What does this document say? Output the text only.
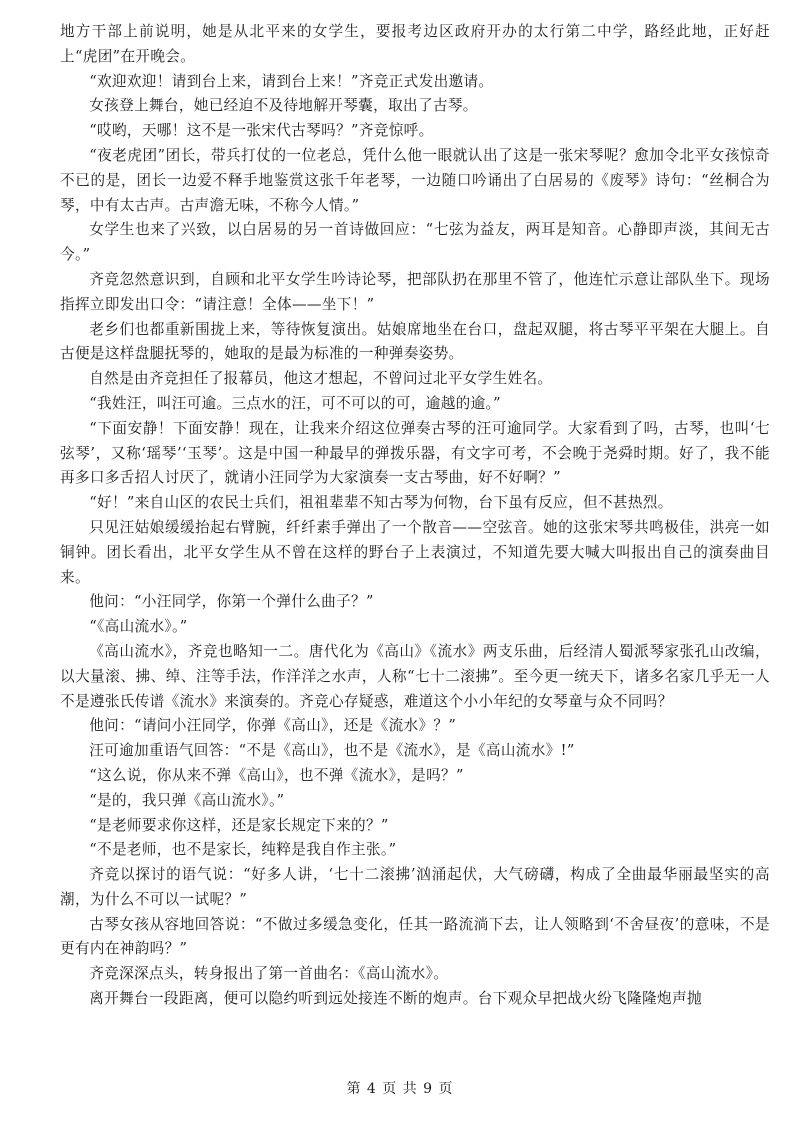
地方干部上前说明，她是从北平来的女学生，要报考边区政府开办的太行第二中学，路经此地，正好赶上“虎团”在开晚会。

“欢迎欢迎！请到台上来，请到台上来！”齐竞正式发出邀请。

女孩登上舞台，她已经迫不及待地解开琴囊，取出了古琴。

“哎哟，天哪！这不是一张宋代古琴吗？”齐竞惊呼。

“夜老虎团”团长，带兵打仗的一位老总，凭什么他一眼就认出了这是一张宋琴呢？愈加令北平女孩惊奇不已的是，团长一边爱不释手地鉴赏这张千年老琴，一边随口吟诵出了白居易的《废琴》诗句：“丝桐合为琴，中有太古声。古声澹无味，不称今人情。”

女学生也来了兴致，以白居易的另一首诗做回应：“七弦为益友，两耳是知音。心静即声淡，其间无古今。”

齐竞忽然意识到，自顾和北平女学生吟诗论琴，把部队扔在那里不管了，他连忙示意让部队坐下。现场指挥立即发出口令：“请注意！全体——坐下！”

老乡们也都重新围拢上来，等待恢复演出。姑娘席地坐在台口，盘起双腿，将古琴平平架在大腿上。自古便是这样盘腿抚琴的，她取的是最为标准的一种弹奏姿势。

自然是由齐竞担任了报幕员，他这才想起，不曾问过北平女学生姓名。

“我姓汪，叫汪可逾。三点水的汪，可不可以的可，逾越的逾。”

“下面安静！下面安静！现在，让我来介绍这位弹奏古琴的汪可逾同学。大家看到了吗，古琴，也叫‘七弦琴’，又称‘瑶琴’‘玉琴’。这是中国一种最早的弹拨乐器，有文字可考，不会晚于尧舜时期。好了，我不能再多口多舌招人讨厌了，就请小汪同学为大家演奏一支古琴曲，好不好啊？”

“好！”来自山区的农民士兵们，祖祖辈辈不知古琴为何物，台下虽有反应，但不甚热烈。

只见汪姑娘缓缓抬起右臂腕，纤纤素手弹出了一个散音——空弦音。她的这张宋琴共鸣极佳，洪亮一如铜钟。团长看出，北平女学生从不曾在这样的野台子上表演过，不知道先要大喊大叫报出自己的演奏曲目来。

他问：“小汪同学，你第一个弹什么曲子？”

“《高山流水》。”

《高山流水》，齐竞也略知一二。唐代化为《高山》《流水》两支乐曲，后经清人蜀派琴家张孔山改编，以大量滚、拂、绰、注等手法，作洋洋之水声，人称“七十二滚拂”。至今更一统天下，诸多名家几乎无一人不是遵张氏传谱《流水》来演奏的。齐竞心存疑惑，难道这个小小年纪的女琴童与众不同吗？

他问：“请问小汪同学，你弹《高山》，还是《流水》？”

汪可逾加重语气回答：“不是《高山》，也不是《流水》，是《高山流水》!”

“这么说，你从来不弹《高山》，也不弹《流水》，是吗？”

“是的，我只弹《高山流水》。”

“是老师要求你这样，还是家长规定下来的？”

“不是老师，也不是家长，纯粹是我自作主张。”

齐竞以探讨的语气说：“好多人讲，‘七十二滚拂’汹涌起伏，大气磅礴，构成了全曲最华丽最坚实的高潮，为什么不可以一试呢？”

古琴女孩从容地回答说：“不做过多缓急变化，任其一路流淌下去，让人领略到‘不舍昼夜’的意味，不是更有内在神韵吗？”

齐竞深深点头，转身报出了第一首曲名：《高山流水》。

离开舞台一段距离，便可以隐约听到远处接连不断的炮声。台下观众早把战火纷飞隆隆炮声抛

第 4 页 共 9 页
